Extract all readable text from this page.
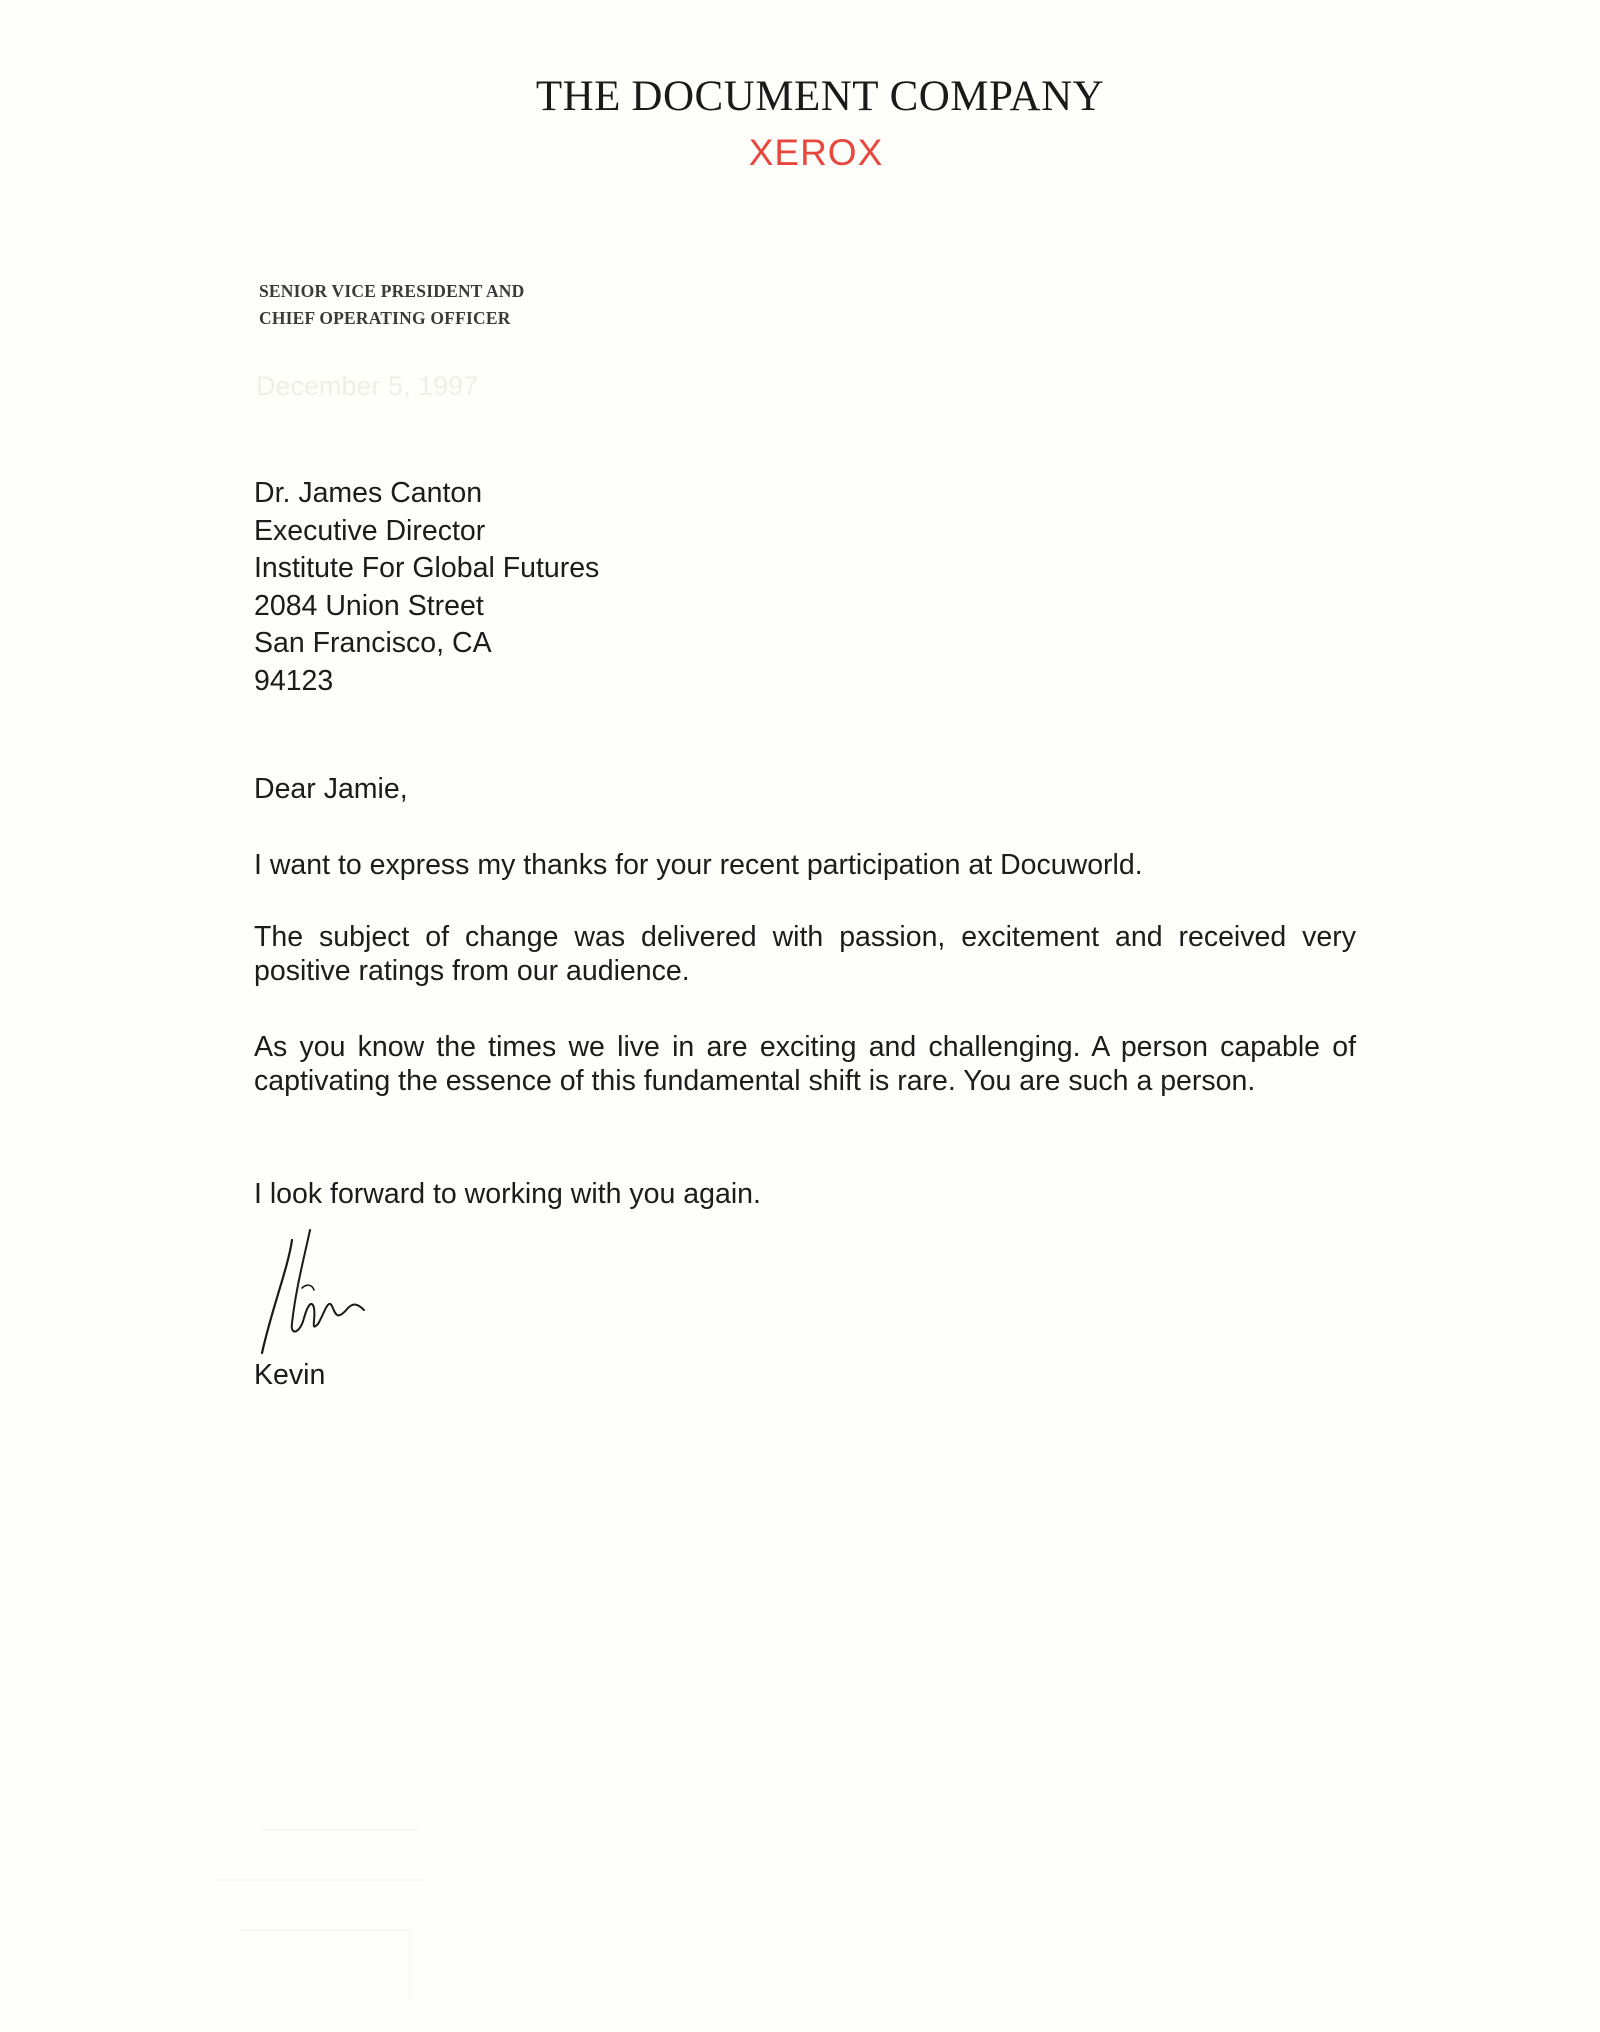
THE DOCUMENT COMPANY
XEROX
SENIOR VICE PRESIDENT AND
CHIEF OPERATING OFFICER
December 5, 1997
Dr. James Canton
Executive Director
Institute For Global Futures
2084 Union Street
San Francisco, CA
94123
Dear Jamie,

I want to express my thanks for your recent participation at Docuworld.

The subject of change was delivered with passion, excitement and received very positive ratings from our audience.

As you know the times we live in are exciting and challenging. A person capable of captivating the essence of this fundamental shift is rare. You are such a person.

I look forward to working with you again.

Kevin
